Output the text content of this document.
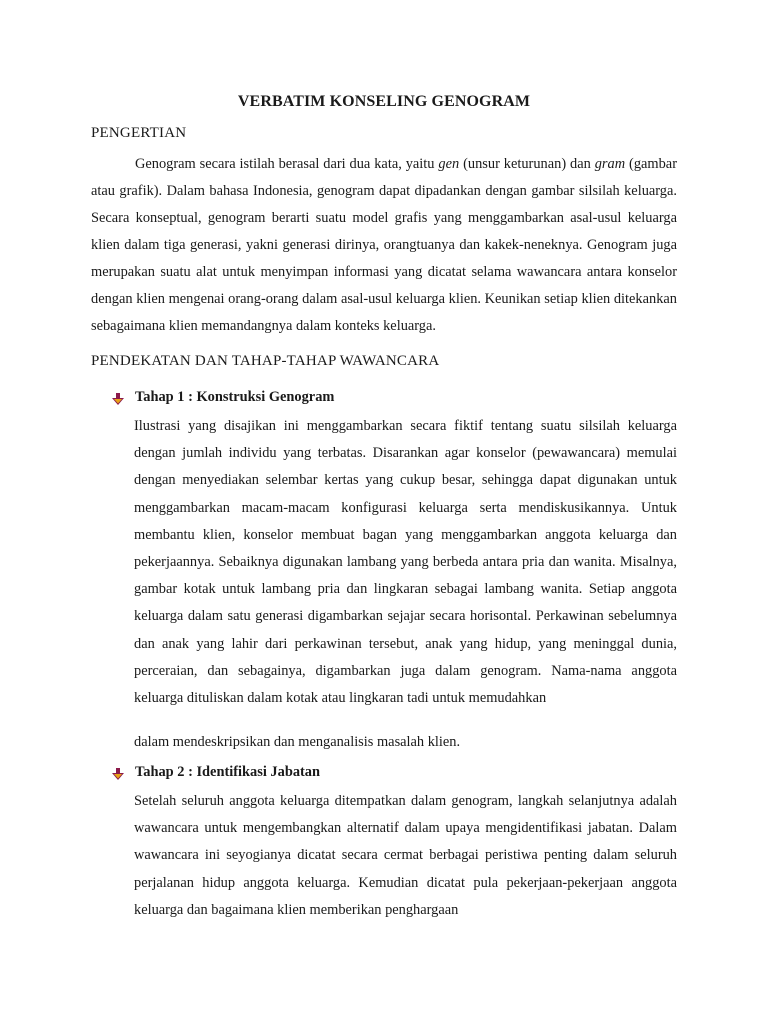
VERBATIM KONSELING GENOGRAM
PENGERTIAN

Genogram secara istilah berasal dari dua kata, yaitu gen (unsur keturunan) dan gram (gambar atau grafik). Dalam bahasa Indonesia, genogram dapat dipadankan dengan gambar silsilah keluarga. Secara konseptual, genogram berarti suatu model grafis yang menggambarkan asal-usul keluarga klien dalam tiga generasi, yakni generasi dirinya, orangtuanya dan kakek-neneknya. Genogram juga merupakan suatu alat untuk menyimpan informasi yang dicatat selama wawancara antara konselor dengan klien mengenai orang-orang dalam asal-usul keluarga klien. Keunikan setiap klien ditekankan sebagaimana klien memandangnya dalam konteks keluarga.

PENDEKATAN DAN TAHAP-TAHAP WAWANCARA
Tahap 1 : Konstruksi Genogram

Ilustrasi yang disajikan ini menggambarkan secara fiktif tentang suatu silsilah keluarga dengan jumlah individu yang terbatas. Disarankan agar konselor (pewawancara) memulai dengan menyediakan selembar kertas yang cukup besar, sehingga dapat digunakan untuk menggambarkan macam-macam konfigurasi keluarga serta mendiskusikannya. Untuk membantu klien, konselor membuat bagan yang menggambarkan anggota keluarga dan pekerjaannya. Sebaiknya digunakan lambang yang berbeda antara pria dan wanita. Misalnya, gambar kotak untuk lambang pria dan lingkaran sebagai lambang wanita. Setiap anggota keluarga dalam satu generasi digambarkan sejajar secara horisontal. Perkawinan sebelumnya dan anak yang lahir dari perkawinan tersebut, anak yang hidup, yang meninggal dunia, perceraian, dan sebagainya, digambarkan juga dalam genogram. Nama-nama anggota keluarga dituliskan dalam kotak atau lingkaran tadi untuk memudahkan

dalam mendeskripsikan dan menganalisis masalah klien.
Tahap 2 : Identifikasi Jabatan

Setelah seluruh anggota keluarga ditempatkan dalam genogram, langkah selanjutnya adalah wawancara untuk mengembangkan alternatif dalam upaya mengidentifikasi jabatan. Dalam wawancara ini seyogianya dicatat secara cermat berbagai peristiwa penting dalam seluruh perjalanan hidup anggota keluarga. Kemudian dicatat pula pekerjaan-pekerjaan anggota keluarga dan bagaimana klien memberikan penghargaan
